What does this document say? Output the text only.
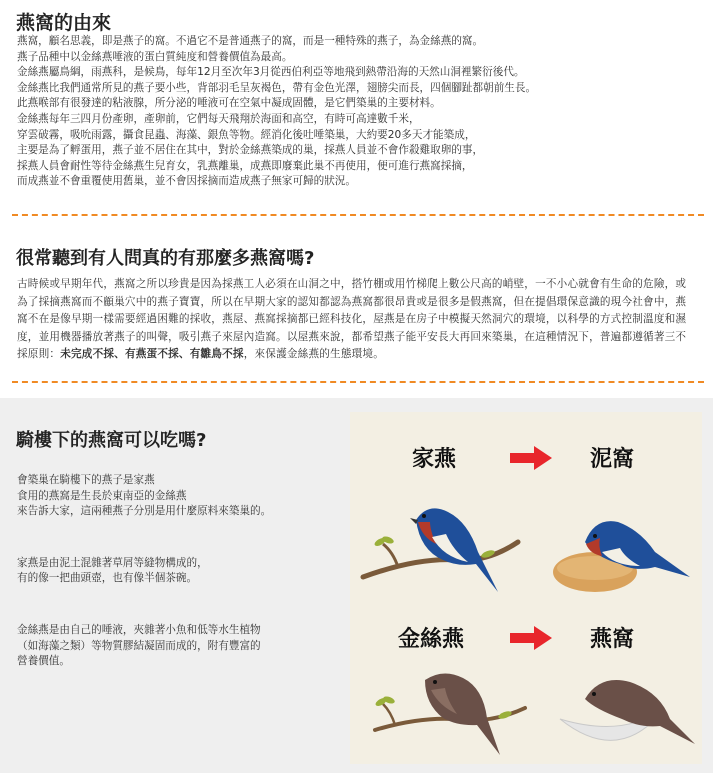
燕窩的由來
燕窩，顧名思義，即是燕子的窩。不過它不是普通燕子的窩，而是一種特殊的燕子，為金絲燕的窩。
燕子品種中以金絲燕唾液的蛋白質純度和營養價值為最高。
金絲燕屬鳥綱，雨燕科，是候鳥，每年12月至次年3月從西伯利亞等地飛到熱帶沿海的天然山洞裡繁衍後代。
金絲燕比我們通常所見的燕子要小些，背部羽毛呈灰褐色，帶有金色光澤，翅膀尖而長，四個腳趾都朝前生長。
此燕喉部有很發達的粘液腺，所分泌的唾液可在空氣中凝成固體，是它們築巢的主要材料。
金絲燕每年三四月份產卵，產卵前，它們每天飛翔於海面和高空，有時可高達數千米，
穿雲破霧，吸吮雨露，攝食昆蟲、海藻、銀魚等物。經消化後吐唾築巢，大約要20多天才能築成，
主要是為了孵蛋用，燕子並不居住在其中，對於金絲燕築成的巢，採燕人員並不會作殺雞取卵的事，
採燕人員會耐性等待金絲燕生兒育女，乳燕離巢，成燕即廢棄此巢不再使用，便可進行燕窩採摘，
而成燕並不會重覆使用舊巢，並不會因採摘而造成燕子無家可歸的狀況。
很常聽到有人問真的有那麼多燕窩嗎?
古時候或早期年代，燕窩之所以珍貴是因為採燕工人必須在山洞之中，搭竹棚或用竹梯爬上數公尺高的峭壁，一不小心就會有生命的危險，或為了採摘燕窩而不顧巢穴中的燕子寶寶，所以在早期大家的認知都認為燕窩都很昂貴或是很多是假燕窩，但在提倡環保意識的現今社會中，燕窩不在是像早期一樣需要經過困難的採收，燕屋、燕窩採摘都已經科技化，屋燕是在房子中模擬天然洞穴的環境，以科學的方式控制溫度和濕度，並用機器播放著燕子的叫聲，吸引燕子來屋內造窩。以屋燕來說，都希望燕子能平安長大再回來築巢，在這種情況下，普遍都遵循著三不採原則：未完成不採、有燕蛋不採、有雛鳥不採，來保護金絲燕的生態環境。
騎樓下的燕窩可以吃嗎?

會築巢在騎樓下的燕子是家燕
食用的燕窩是生長於東南亞的金絲燕
來告訴大家，這兩種燕子分別是用什麼原料來築巢的。

家燕是由泥土混雜著草屑等縫物構成的，
有的像一把曲頭壺，也有像半個茶碗。

金絲燕是由自己的唾液，夾雜著小魚和低等水生植物
（如海藻之類）等物質膠結凝固而成的，附有豐富的
營養價值。

家燕	泥窩
金絲燕	燕窩
